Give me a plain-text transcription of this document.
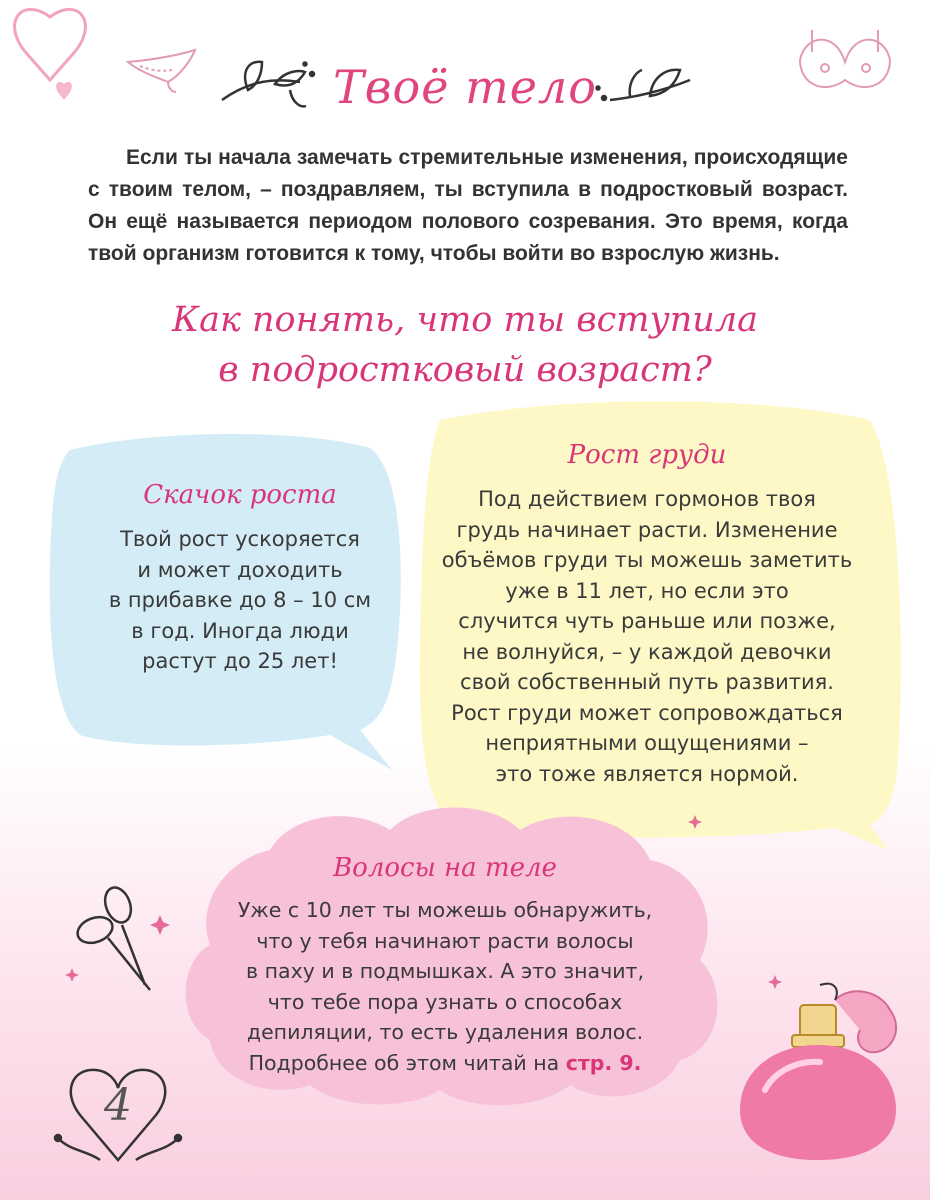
Твоё тело
Если ты начала замечать стремительные изменения, происходящие с твоим телом, – поздравляем, ты вступила в подростковый возраст. Он ещё называется периодом полового созревания. Это время, когда твой организм готовится к тому, чтобы войти во взрослую жизнь.
Как понять, что ты вступила
в подростковый возраст?
Скачок роста
Твой рост ускоряется
и может доходить
в прибавке до 8 – 10 см
в год. Иногда люди
растут до 25 лет!
Рост груди
Под действием гормонов твоя
грудь начинает расти. Изменение
объёмов груди ты можешь заметить
уже в 11 лет, но если это
случится чуть раньше или позже,
не волнуйся, – у каждой девочки
свой собственный путь развития.
Рост груди может сопровождаться
неприятными ощущениями –
это тоже является нормой.
Волосы на теле
Уже с 10 лет ты можешь обнаружить,
что у тебя начинают расти волосы
в паху и в подмышках. А это значит,
что тебе пора узнать о способах
депиляции, то есть удаления волос.
Подробнее об этом читай на стр. 9.
4
